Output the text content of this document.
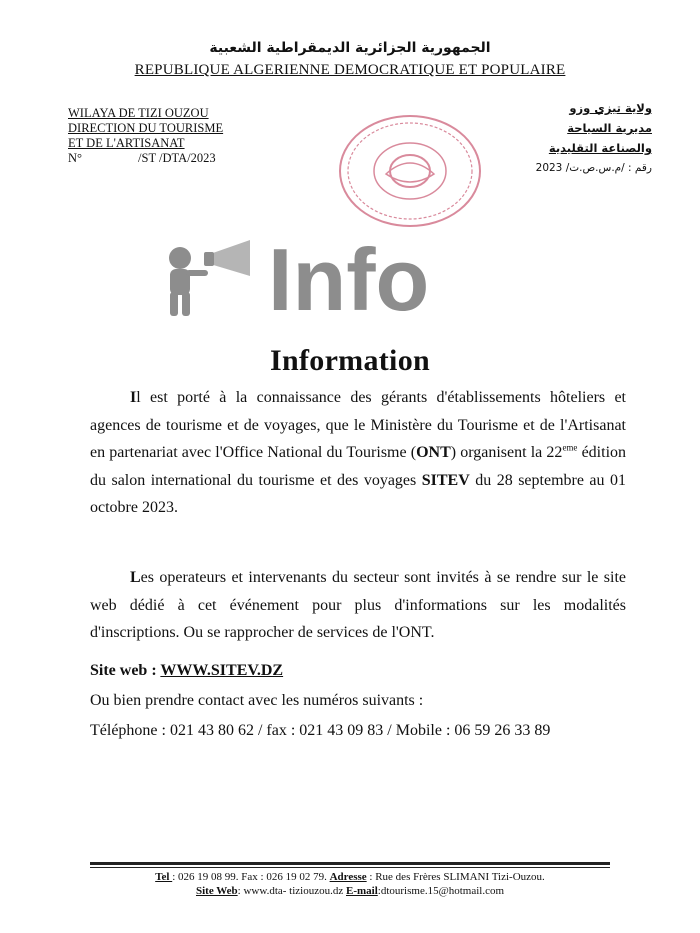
الجمهورية الجزائرية الديمقراطية الشعبية
REPUBLIQUE ALGERIENNE DEMOCRATIQUE ET POPULAIRE
WILAYA DE TIZI OUZOU
DIRECTION DU TOURISME
ET DE L'ARTISANAT
N°	/ST /DTA/2023
ولاية تيزي وزو
مديرية السياحة
والصناعة التقليدية
رقم : /م.س.ص.ت/ 2023
Info
Information
Il est porté à la connaissance des gérants d'établissements hôteliers et agences de tourisme et de voyages, que le Ministère du Tourisme et de l'Artisanat en partenariat avec l'Office National du Tourisme (ONT) organisent la 22eme édition du salon international du tourisme et des voyages SITEV du 28 septembre au 01 octobre 2023.
Les operateurs et intervenants du secteur sont invités à se rendre sur le site web dédié à cet événement pour plus d'informations sur les modalités d'inscriptions. Ou se rapprocher de services de l'ONT.
Site web : WWW.SITEV.DZ
Ou bien prendre contact avec les numéros suivants :
Téléphone : 021 43 80 62 / fax : 021 43 09 83 / Mobile : 06 59 26 33 89
Tel : 026 19 08 99. Fax : 026 19 02 79. Adresse : Rue des Frères SLIMANI Tizi-Ouzou.
Site Web: www.dta- tiziouzou.dz E-mail:dtourisme.15@hotmail.com
